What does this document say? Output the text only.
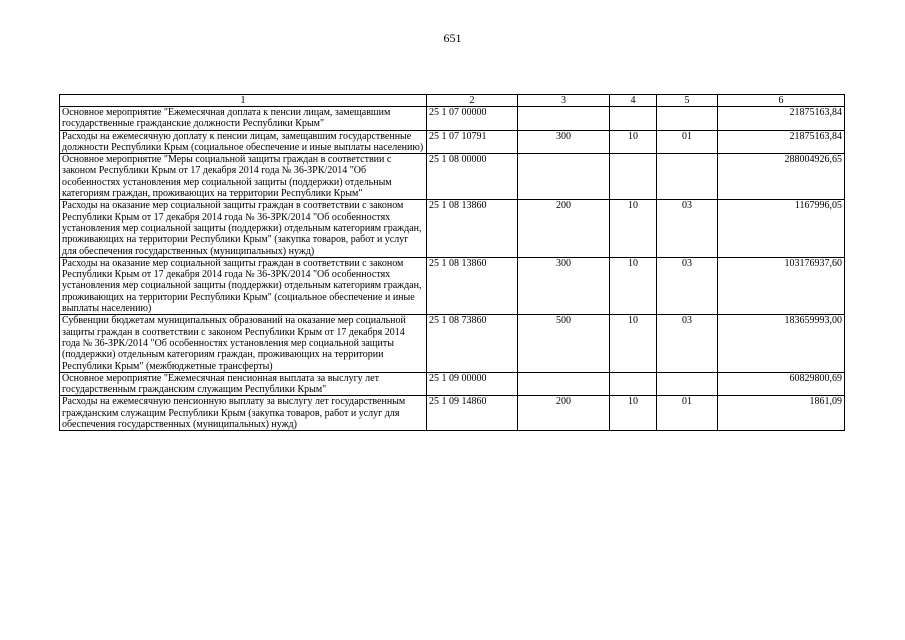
651
1	2	3	4	5	6
Основное мероприятие "Ежемесячная доплата к пенсии лицам, замещавшим государственные гражданские должности Республики Крым"	25 1 07 00000				21875163,84
Расходы на ежемесячную доплату к пенсии лицам, замещавшим государственные должности Республики Крым (социальное обеспечение и иные выплаты населению)	25 1 07 10791	300	10	01	21875163,84
Основное мероприятие "Меры социальной защиты граждан в соответствии с законом Республики Крым от 17 декабря 2014 года № 36-ЗРК/2014 "Об особенностях установления мер социальной защиты (поддержки) отдельным категориям граждан, проживающих на территории Республики Крым"	25 1 08 00000				288004926,65
Расходы на оказание мер социальной защиты граждан в соответствии с законом Республики Крым от 17 декабря 2014 года № 36-ЗРК/2014 "Об особенностях установления мер социальной защиты (поддержки) отдельным категориям граждан, проживающих на территории Республики Крым" (закупка товаров, работ и услуг для обеспечения государственных (муниципальных) нужд)	25 1 08 13860	200	10	03	1167996,05
Расходы на оказание мер социальной защиты граждан в соответствии с законом Республики Крым от 17 декабря 2014 года № 36-ЗРК/2014 "Об особенностях установления мер социальной защиты (поддержки) отдельным категориям граждан, проживающих на территории Республики Крым" (социальное обеспечение и иные выплаты населению)	25 1 08 13860	300	10	03	103176937,60
Субвенции бюджетам муниципальных образований на оказание мер социальной защиты граждан в соответствии с законом Республики Крым от 17 декабря 2014 года № 36-ЗРК/2014 "Об особенностях установления мер социальной защиты (поддержки) отдельным категориям граждан, проживающих на территории Республики Крым" (межбюджетные трансферты)	25 1 08 73860	500	10	03	183659993,00
Основное мероприятие "Ежемесячная пенсионная выплата за выслугу лет государственным гражданским служащим Республики Крым"	25 1 09 00000				60829800,69
Расходы на ежемесячную пенсионную выплату за выслугу лет государственным гражданским служащим Республики Крым (закупка товаров, работ и услуг для обеспечения государственных (муниципальных) нужд)	25 1 09 14860	200	10	01	1861,09
